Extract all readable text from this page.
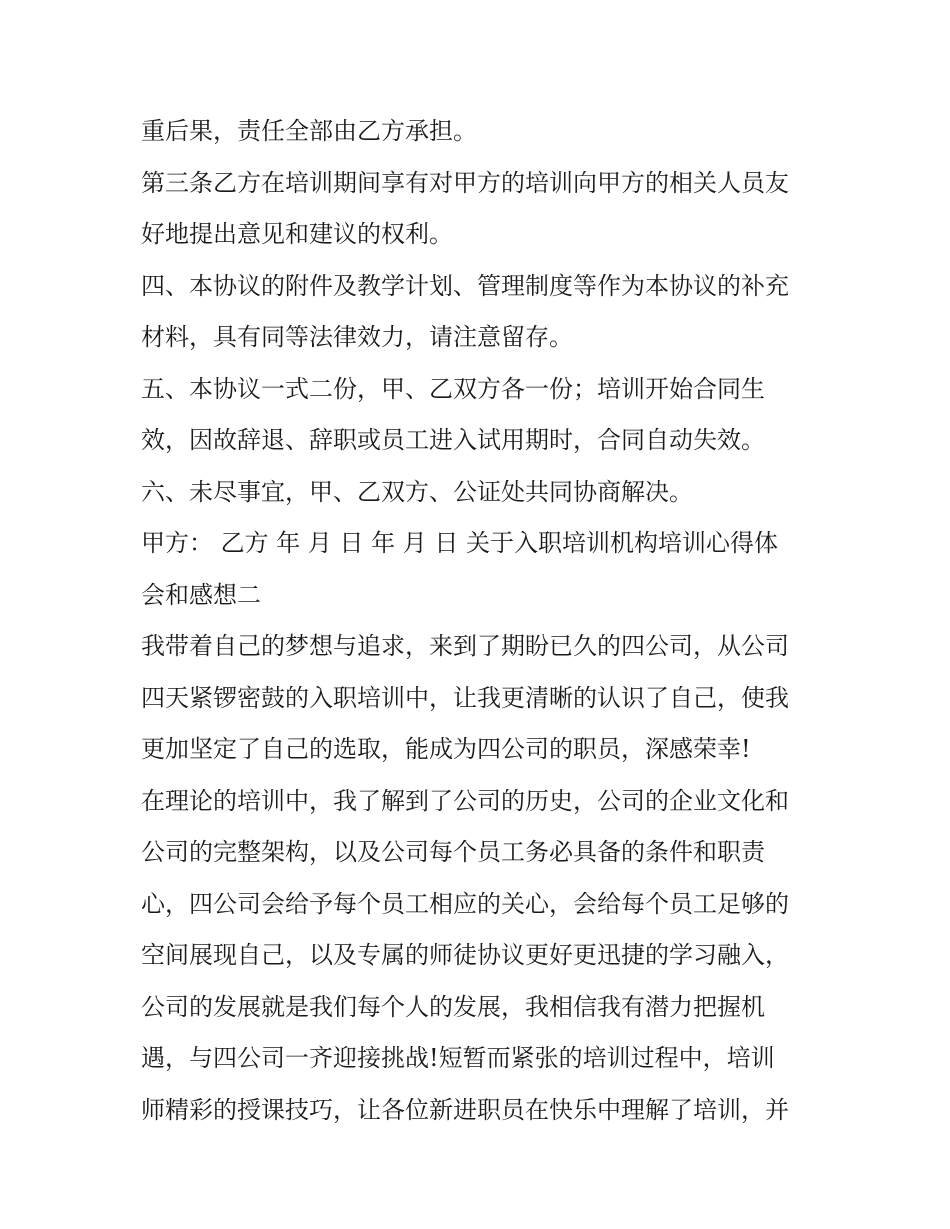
重后果，责任全部由乙方承担。

第三条乙方在培训期间享有对甲方的培训向甲方的相关人员友

好地提出意见和建议的权利。

四、本协议的附件及教学计划、管理制度等作为本协议的补充

材料，具有同等法律效力，请注意留存。

五、本协议一式二份，甲、乙双方各一份；培训开始合同生

效，因故辞退、辞职或员工进入试用期时，合同自动失效。

六、未尽事宜，甲、乙双方、公证处共同协商解决。

甲方： 乙方 年 月 日 年 月 日 关于入职培训机构培训心得体

会和感想二

我带着自己的梦想与追求，来到了期盼已久的四公司，从公司

四天紧锣密鼓的入职培训中，让我更清晰的认识了自己，使我

更加坚定了自己的选取，能成为四公司的职员，深感荣幸!

在理论的培训中，我了解到了公司的历史，公司的企业文化和

公司的完整架构，以及公司每个员工务必具备的条件和职责

心，四公司会给予每个员工相应的关心，会给每个员工足够的

空间展现自己，以及专属的师徒协议更好更迅捷的学习融入，

公司的发展就是我们每个人的发展，我相信我有潜力把握机

遇，与四公司一齐迎接挑战!短暂而紧张的培训过程中，培训

师精彩的授课技巧，让各位新进职员在快乐中理解了培训，并
